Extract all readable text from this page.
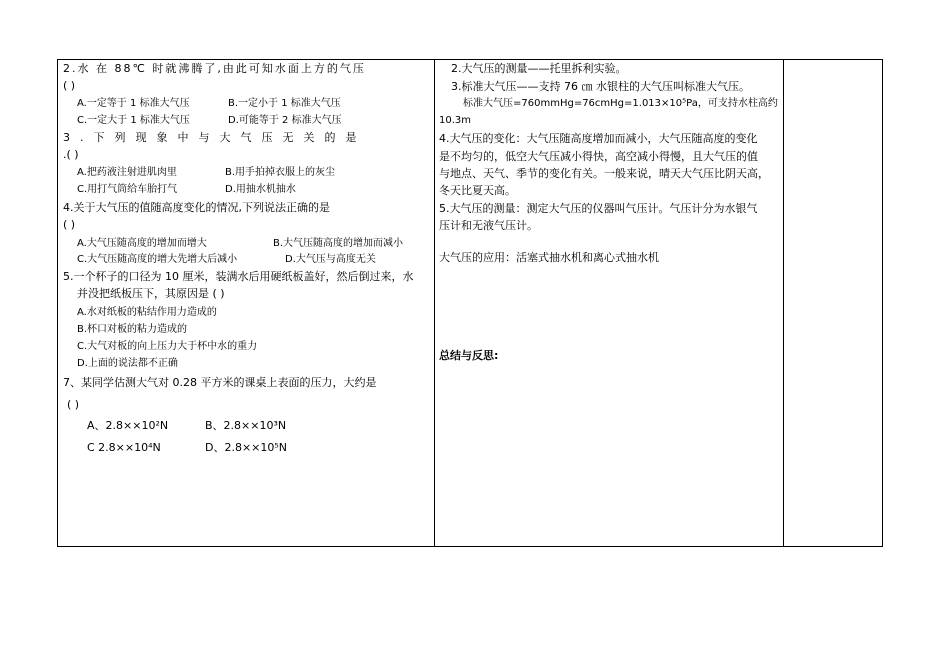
2.水 在 88℃ 时就沸腾了,由此可知水面上方的气压
( )
A.一定等于 1 标准大气压	B.一定小于 1 标准大气压
C.一定大于 1 标准大气压	D.可能等于 2 标准大气压
3.下列现象中与大气压无关的是
.( )
A.把药液注射进肌肉里	B.用手拍掉衣服上的灰尘
C.用打气筒给车胎打气	D.用抽水机抽水
4.关于大气压的值随高度变化的情况,下列说法正确的是
( )
A.大气压随高度的增加而增大	B.大气压随高度的增加而减小
C.大气压随高度的增大先增大后减小	D.大气压与高度无关
5.一个杯子的口径为 10 厘米，装满水后用硬纸板盖好，然后倒过来，水
并没把纸板压下，其原因是 ( )
A.水对纸板的粘结作用力造成的
B.杯口对板的粘力造成的
C.大气对板的向上压力大于杯中水的重力
D.上面的说法都不正确
7、某同学估测大气对 0.28 平方米的课桌上表面的压力，大约是
( )
A、2.8××10²N	B、2.8××10³N
C 2.8××10⁴N	D、2.8××10⁵N
2.大气压的测量——托里拆利实验。
3.标准大气压——支持 76 ㎝ 水银柱的大气压叫标准大气压。
标准大气压=760mmHg=76cmHg=1.013×10⁵Pa，可支持水柱高约
10.3m
4.大气压的变化：大气压随高度增加而减小，大气压随高度的变化
是不均匀的，低空大气压减小得快，高空减小得慢，且大气压的值
与地点、天气、季节的变化有关。一般来说，晴天大气压比阴天高，
冬天比夏天高。
5.大气压的测量：测定大气压的仪器叫气压计。气压计分为水银气
压计和无液气压计。
大气压的应用：活塞式抽水机和离心式抽水机
总结与反思:
